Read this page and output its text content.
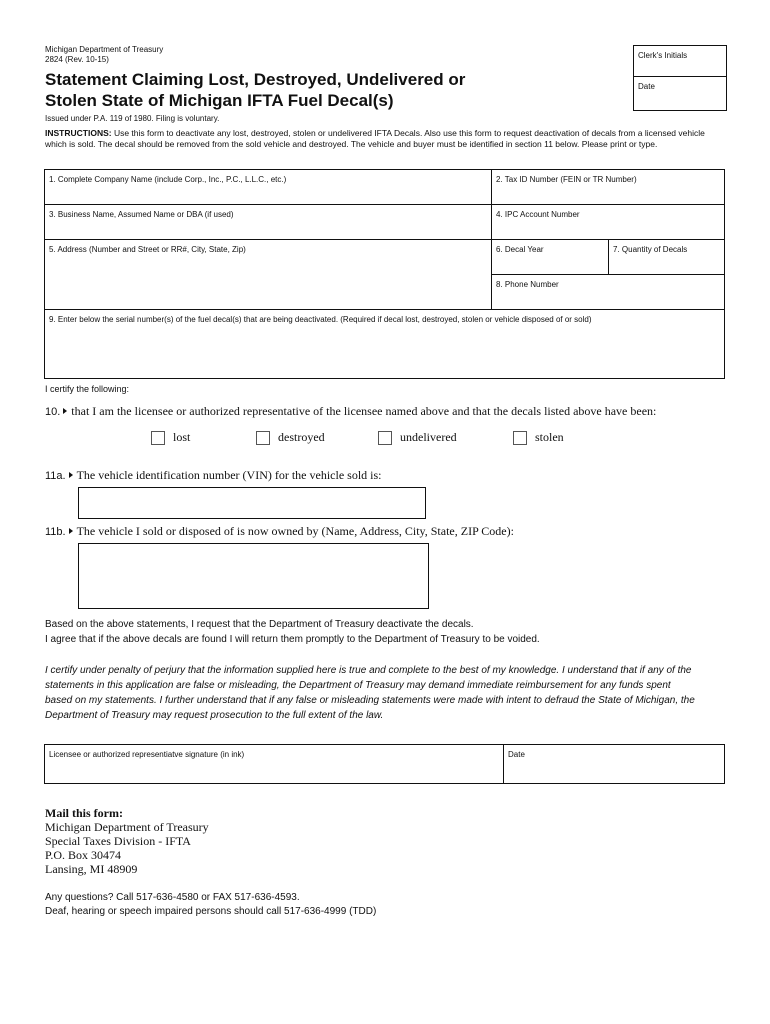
Michigan Department of Treasury
2824 (Rev. 10-15)
Statement Claiming Lost, Destroyed, Undelivered or
Stolen State of Michigan IFTA Fuel Decal(s)
Clerk's Initials
Date
Issued under P.A. 119 of 1980. Filing is voluntary.
INSTRUCTIONS: Use this form to deactivate any lost, destroyed, stolen or undelivered IFTA Decals. Also use this form to request deactivation of decals from a licensed vehicle which is sold. The decal should be removed from the sold vehicle and destroyed. The vehicle and buyer must be identified in section 11 below. Please print or type.
1. Complete Company Name (include Corp., Inc., P.C., L.L.C., etc.)	2. Tax ID Number (FEIN or TR Number)
3. Business Name, Assumed Name or DBA (if used)	4. IPC Account Number
5. Address (Number and Street or RR#, City, State, Zip)	6. Decal Year	7. Quantity of Decals
8. Phone Number
9. Enter below the serial number(s) of the fuel decal(s) that are being deactivated. (Required if decal lost, destroyed, stolen or vehicle disposed of or sold)
I certify the following:
10. that I am the licensee or authorized representative of the licensee named above and that the decals listed above have been:
lost	destroyed	undelivered	stolen
11a. The vehicle identification number (VIN) for the vehicle sold is:
11b. The vehicle I sold or disposed of is now owned by (Name, Address, City, State, ZIP Code):
Based on the above statements, I request that the Department of Treasury deactivate the decals.
I agree that if the above decals are found I will return them promptly to the Department of Treasury to be voided.
I certify under penalty of perjury that the information supplied here is true and complete to the best of my knowledge. I understand that if any of the statements in this application are false or misleading, the Department of Treasury may demand immediate reimbursement for any funds spent based on my statements. I further understand that if any false or misleading statements were made with intent to defraud the State of Michigan, the Department of Treasury may request prosecution to the full extent of the law.
Licensee or authorized representiatve signature (in ink)	Date
Mail this form:
Michigan Department of Treasury
Special Taxes Division - IFTA
P.O. Box 30474
Lansing, MI 48909
Any questions? Call 517-636-4580 or FAX 517-636-4593.
Deaf, hearing or speech impaired persons should call 517-636-4999 (TDD)
